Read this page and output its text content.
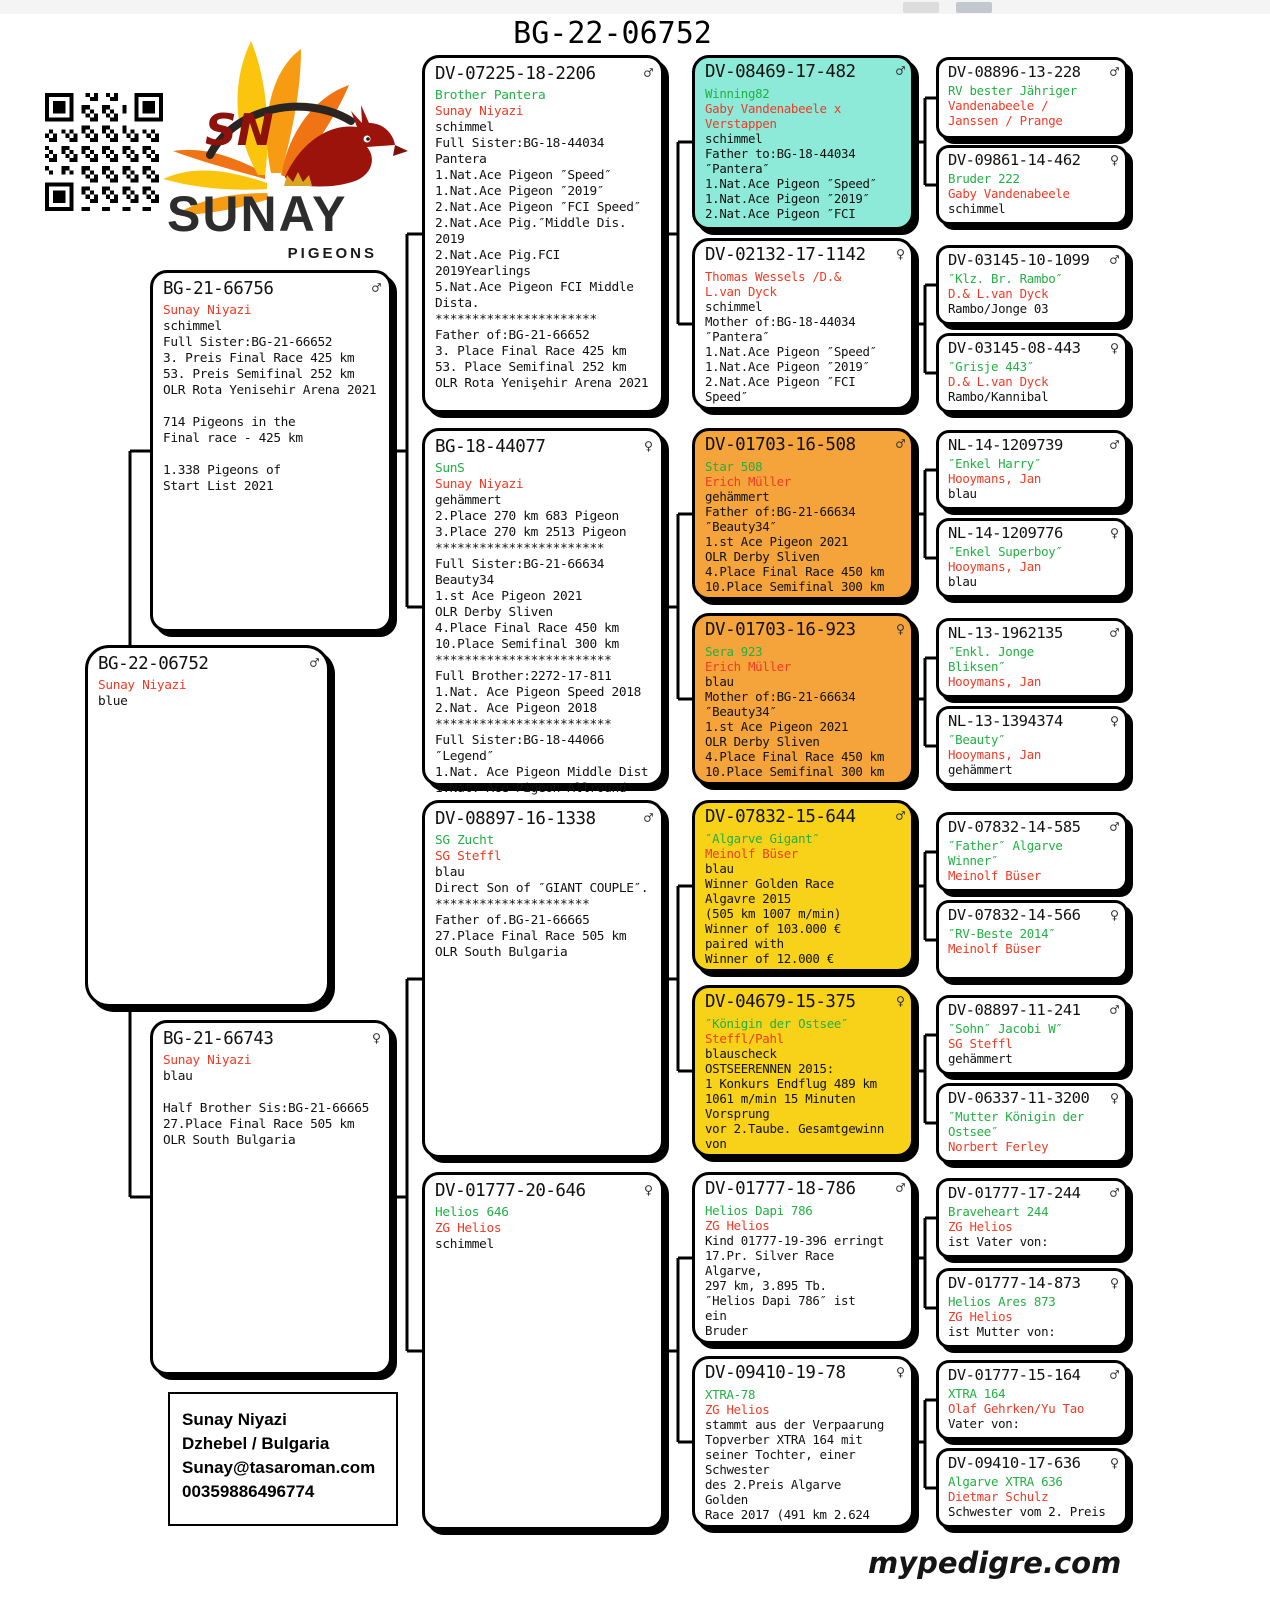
BG-22-06752
SN
SUNAY
PIGEONS
BG-22-06752	♂
Sunay Niyazi
blue
BG-21-66756	♂
Sunay Niyazi
schimmel
Full Sister:BG-21-66652
3. Preis Final Race 425 km
53. Preis Semifinal 252 km
OLR Rota Yenisehir Arena 2021
714 Pigeons in the
Final race - 425 km
1.338 Pigeons of
Start List 2021
BG-21-66743	♀
Sunay Niyazi
blau
Half Brother Sis:BG-21-66665
27.Place Final Race 505 km
OLR South Bulgaria
DV-07225-18-2206	♂
Brother Pantera
Sunay Niyazi
schimmel
Full Sister:BG-18-44034
Pantera
1.Nat.Ace Pigeon ″Speed″
1.Nat.Ace Pigeon ″2019″
2.Nat.Ace Pigeon ″FCI Speed″
2.Nat.Ace Pig.″Middle Dis.
2019
2.Nat.Ace Pig.FCI
2019Yearlings
5.Nat.Ace Pigeon FCI Middle
Dista.
**********************
Father of:BG-21-66652
3. Place Final Race 425 km
53. Place Semifinal 252 km
OLR Rota Yenişehir Arena 2021
BG-18-44077	♀
SunS
Sunay Niyazi
gehämmert
2.Place 270 km 683 Pigeon
3.Place 270 km 2513 Pigeon
***********************
Full Sister:BG-21-66634
Beauty34
1.st Ace Pigeon 2021
OLR Derby Sliven
4.Place Final Race 450 km
10.Place Semifinal 300 km
************************
Full Brother:2272-17-811
1.Nat. Ace Pigeon Speed 2018
2.Nat. Ace Pigeon 2018
************************
Full Sister:BG-18-44066
″Legend″
1.Nat. Ace Pigeon Middle Dist
1.Nat. Ace Pigeon Allround
DV-08897-16-1338	♂
SG Zucht
SG Steffl
blau
Direct Son of ″GIANT COUPLE″.
*********************
Father of.BG-21-66665
27.Place Final Race 505 km
OLR South Bulgaria
DV-01777-20-646	♀
Helios 646
ZG Helios
schimmel
DV-08469-17-482	♂
Winning82
Gaby Vandenabeele x
Verstappen
schimmel
Father to:BG-18-44034
″Pantera″
1.Nat.Ace Pigeon ″Speed″
1.Nat.Ace Pigeon ″2019″
2.Nat.Ace Pigeon ″FCI
DV-02132-17-1142 ♀
Thomas Wessels /D.&
L.van Dyck
schimmel
Mother of:BG-18-44034
″Pantera″
1.Nat.Ace Pigeon ″Speed″
1.Nat.Ace Pigeon ″2019″
2.Nat.Ace Pigeon ″FCI
Speed″
DV-01703-16-508	♂
Star 508
Erich Müller
gehämmert
Father of:BG-21-66634
″Beauty34″
1.st Ace Pigeon 2021
OLR Derby Sliven
4.Place Final Race 450 km
10.Place Semifinal 300 km
DV-01703-16-923	♀
Sera 923
Erich Müller
blau
Mother of:BG-21-66634
″Beauty34″
1.st Ace Pigeon 2021
OLR Derby Sliven
4.Place Final Race 450 km
10.Place Semifinal 300 km
DV-07832-15-644	♂
″Algarve Gigant″
Meinolf Büser
blau
Winner Golden Race
Algavre 2015
(505 km 1007 m/min)
Winner of 103.000 €
paired with
Winner of 12.000 €
DV-04679-15-375	♀
″Königin der Ostsee″
Steffl/Pahl
blauscheck
OSTSEERENNEN 2015:
1 Konkurs Endflug 489 km
1061 m/min 15 Minuten
Vorsprung
vor 2.Taube. Gesamtgewinn
von
DV-01777-18-786	♂
Helios Dapi 786
ZG Helios
Kind 01777-19-396 erringt
17.Pr. Silver Race
Algarve,
297 km, 3.895 Tb.
″Helios Dapi 786″ ist
ein
Bruder
DV-09410-19-78	♀
XTRA-78
ZG Helios
stammt aus der Verpaarung
Topverber XTRA 164 mit
seiner Tochter, einer
Schwester
des 2.Preis Algarve
Golden
Race 2017 (491 km 2.624
DV-08896-13-228 ♂
RV bester Jähriger
Vandenabeele /
Janssen / Prange
DV-09861-14-462 ♀
Bruder 222
Gaby Vandenabeele
schimmel
DV-03145-10-1099 ♂
″Klz. Br. Rambo″
D.& L.van Dyck
Rambo/Jonge 03
DV-03145-08-443 ♀
″Grisje 443″
D.& L.van Dyck
Rambo/Kannibal
NL-14-1209739	♂
″Enkel Harry″
Hooymans, Jan
blau
NL-14-1209776	♀
″Enkel Superboy″
Hooymans, Jan
blau
NL-13-1962135	♂
″Enkl. Jonge
Bliksen″
Hooymans, Jan
NL-13-1394374	♀
″Beauty″
Hooymans, Jan
gehämmert
DV-07832-14-585 ♂
″Father″ Algarve
Winner″
Meinolf Büser
DV-07832-14-566 ♀
″RV-Beste 2014″
Meinolf Büser
DV-08897-11-241 ♂
″Sohn″ Jacobi W″
SG Steffl
gehämmert
DV-06337-11-3200 ♀
″Mutter Königin der
Ostsee″
Norbert Ferley
DV-01777-17-244 ♂
Braveheart 244
ZG Helios
ist Vater von:
DV-01777-14-873 ♀
Helios Ares 873
ZG Helios
ist Mutter von:
DV-01777-15-164 ♂
XTRA 164
Olaf Gehrken/Yu Tao
Vater von:
DV-09410-17-636 ♀
Algarve XTRA 636
Dietmar Schulz
Schwester vom 2. Preis
Sunay Niyazi
Dzhebel / Bulgaria
Sunay@tasaroman.com
00359886496774
mypedigre.com
